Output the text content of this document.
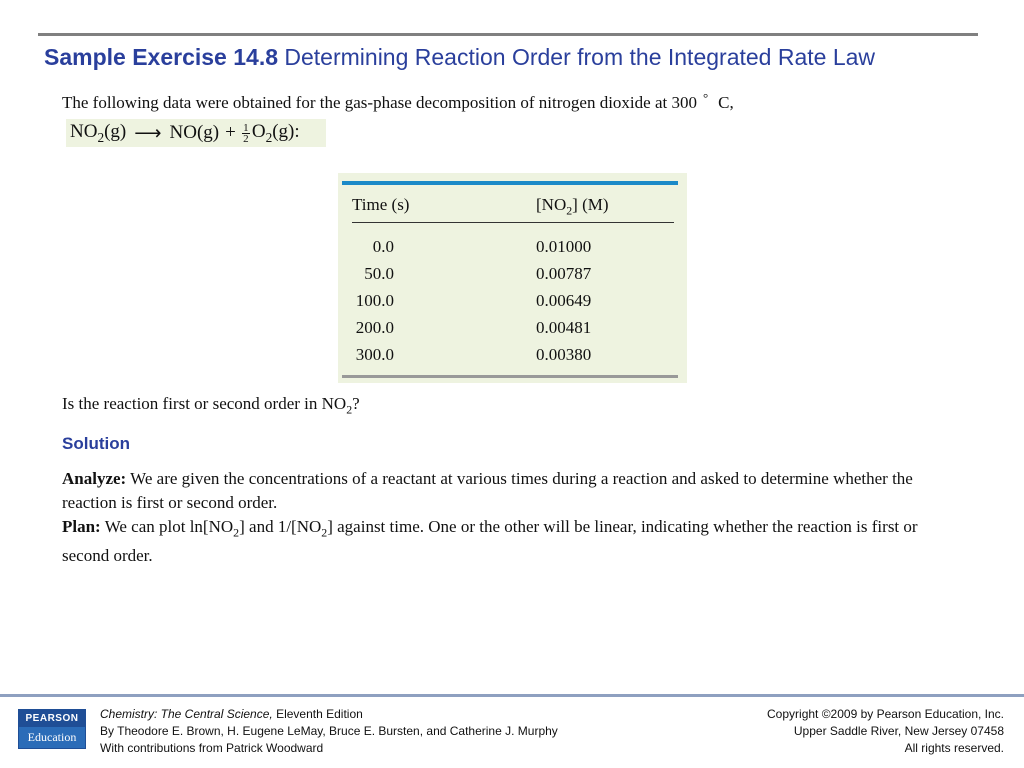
Sample Exercise 14.8 Determining Reaction Order from the Integrated Rate Law
The following data were obtained for the gas-phase decomposition of nitrogen dioxide at 300 ° C,
$NO_2(g)$ ⟶ $NO(g) + \frac{1}{2} O_2(g)$:
Time (s)	$[NO_2]$ (M)
0.0	0.01000
50.0	0.00787
100.0	0.00649
200.0	0.00481
300.0	0.00380
Is the reaction first or second order in $NO_2$?
Solution
Analyze: We are given the concentrations of a reactant at various times during a reaction and asked to determine whether the reaction is first or second order.
Plan: We can plot $\ln[NO_2]$ and $1/[NO_2]$ against time. One or the other will be linear, indicating whether the reaction is first or second order.
PEARSON
Education
Chemistry: The Central Science, Eleventh Edition
By Theodore E. Brown, H. Eugene LeMay, Bruce E. Bursten, and Catherine J. Murphy
With contributions from Patrick Woodward
Copyright ©2009 by Pearson Education, Inc.
Upper Saddle River, New Jersey 07458
All rights reserved.
